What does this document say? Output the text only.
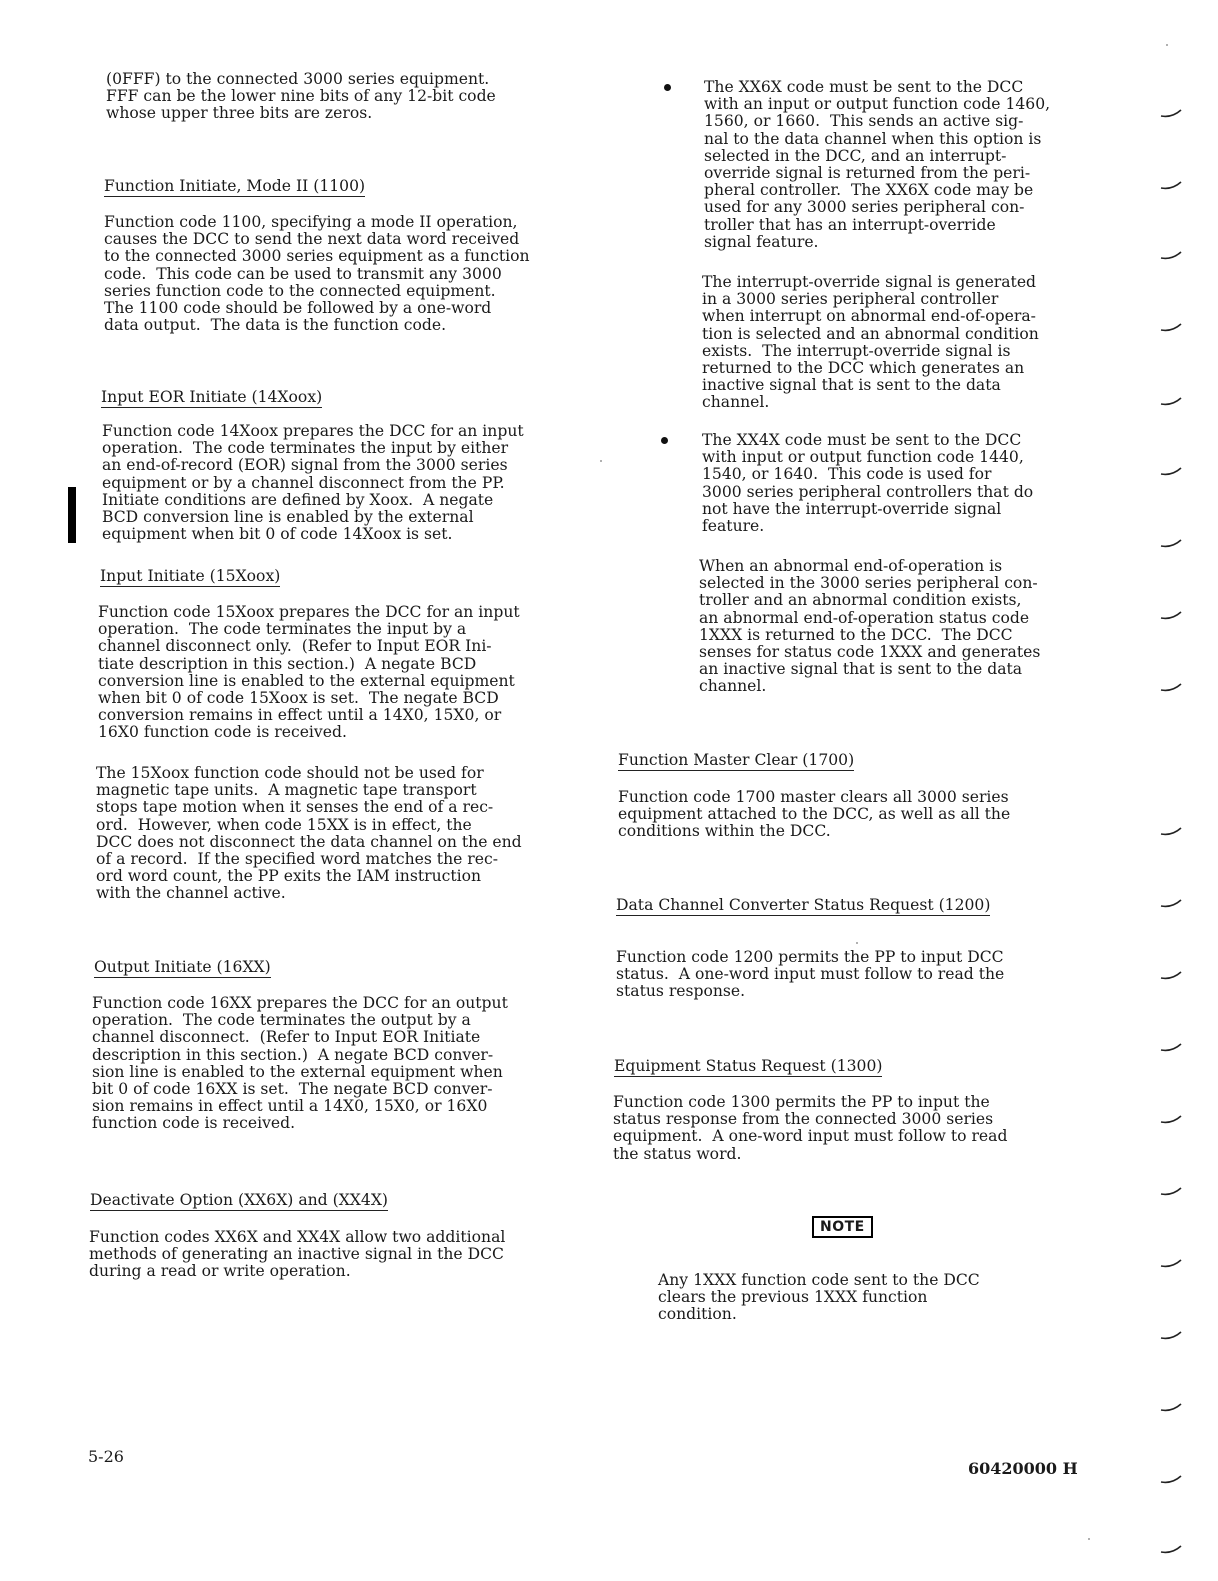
(0FFF) to the connected 3000 series equipment.
FFF can be the lower nine bits of any 12-bit code
whose upper three bits are zeros.
Function Initiate, Mode II (1100)
Function code 1100, specifying a mode II operation,
causes the DCC to send the next data word received
to the connected 3000 series equipment as a function
code.  This code can be used to transmit any 3000
series function code to the connected equipment.
The 1100 code should be followed by a one-word
data output.  The data is the function code.
Input EOR Initiate (14Xoox)
Function code 14Xoox prepares the DCC for an input
operation.  The code terminates the input by either
an end-of-record (EOR) signal from the 3000 series
equipment or by a channel disconnect from the PP.
Initiate conditions are defined by Xoox.  A negate
BCD conversion line is enabled by the external
equipment when bit 0 of code 14Xoox is set.
Input Initiate (15Xoox)
Function code 15Xoox prepares the DCC for an input
operation.  The code terminates the input by a
channel disconnect only.  (Refer to Input EOR Ini-
tiate description in this section.)  A negate BCD
conversion line is enabled to the external equipment
when bit 0 of code 15Xoox is set.  The negate BCD
conversion remains in effect until a 14X0, 15X0, or
16X0 function code is received.
The 15Xoox function code should not be used for
magnetic tape units.  A magnetic tape transport
stops tape motion when it senses the end of a rec-
ord.  However, when code 15XX is in effect, the
DCC does not disconnect the data channel on the end
of a record.  If the specified word matches the rec-
ord word count, the PP exits the IAM instruction
with the channel active.
Output Initiate (16XX)
Function code 16XX prepares the DCC for an output
operation.  The code terminates the output by a
channel disconnect.  (Refer to Input EOR Initiate
description in this section.)  A negate BCD conver-
sion line is enabled to the external equipment when
bit 0 of code 16XX is set.  The negate BCD conver-
sion remains in effect until a 14X0, 15X0, or 16X0
function code is received.
Deactivate Option (XX6X) and (XX4X)
Function codes XX6X and XX4X allow two additional
methods of generating an inactive signal in the DCC
during a read or write operation.
The XX6X code must be sent to the DCC
with an input or output function code 1460,
1560, or 1660.  This sends an active sig-
nal to the data channel when this option is
selected in the DCC, and an interrupt-
override signal is returned from the peri-
pheral controller.  The XX6X code may be
used for any 3000 series peripheral con-
troller that has an interrupt-override
signal feature.
The interrupt-override signal is generated
in a 3000 series peripheral controller
when interrupt on abnormal end-of-opera-
tion is selected and an abnormal condition
exists.  The interrupt-override signal is
returned to the DCC which generates an
inactive signal that is sent to the data
channel.
The XX4X code must be sent to the DCC
with input or output function code 1440,
1540, or 1640.  This code is used for
3000 series peripheral controllers that do
not have the interrupt-override signal
feature.
When an abnormal end-of-operation is
selected in the 3000 series peripheral con-
troller and an abnormal condition exists,
an abnormal end-of-operation status code
1XXX is returned to the DCC.  The DCC
senses for status code 1XXX and generates
an inactive signal that is sent to the data
channel.
Function Master Clear (1700)
Function code 1700 master clears all 3000 series
equipment attached to the DCC, as well as all the
conditions within the DCC.
Data Channel Converter Status Request (1200)
Function code 1200 permits the PP to input DCC
status.  A one-word input must follow to read the
status response.
Equipment Status Request (1300)
Function code 1300 permits the PP to input the
status response from the connected 3000 series
equipment.  A one-word input must follow to read
the status word.
NOTE
Any 1XXX function code sent to the DCC
clears the previous 1XXX function
condition.
5-26
60420000 H
